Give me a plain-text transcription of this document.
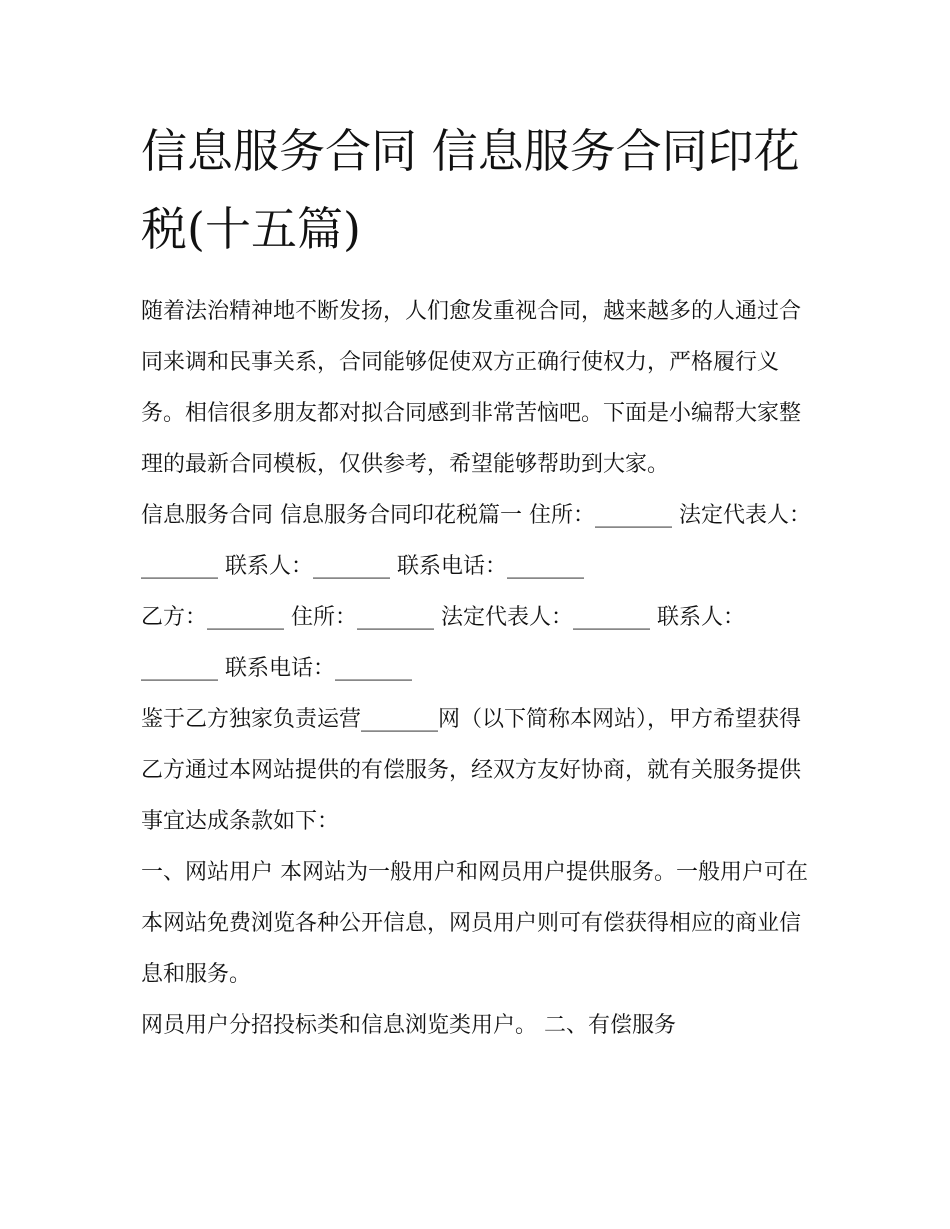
信息服务合同 信息服务合同印花税(十五篇)

随着法治精神地不断发扬，人们愈发重视合同，越来越多的人通过合同来调和民事关系，合同能够促使双方正确行使权力，严格履行义务。相信很多朋友都对拟合同感到非常苦恼吧。下面是小编帮大家整理的最新合同模板，仅供参考，希望能够帮助到大家。

信息服务合同 信息服务合同印花税篇一 住所：_______ 法定代表人：_______ 联系人：_______ 联系电话：_______

乙方：_______ 住所：_______ 法定代表人：_______ 联系人：_______ 联系电话：_______

鉴于乙方独家负责运营_______网（以下简称本网站），甲方希望获得乙方通过本网站提供的有偿服务，经双方友好协商，就有关服务提供事宜达成条款如下：

一、网站用户 本网站为一般用户和网员用户提供服务。一般用户可在本网站免费浏览各种公开信息，网员用户则可有偿获得相应的商业信息和服务。

网员用户分招投标类和信息浏览类用户。 二、有偿服务
